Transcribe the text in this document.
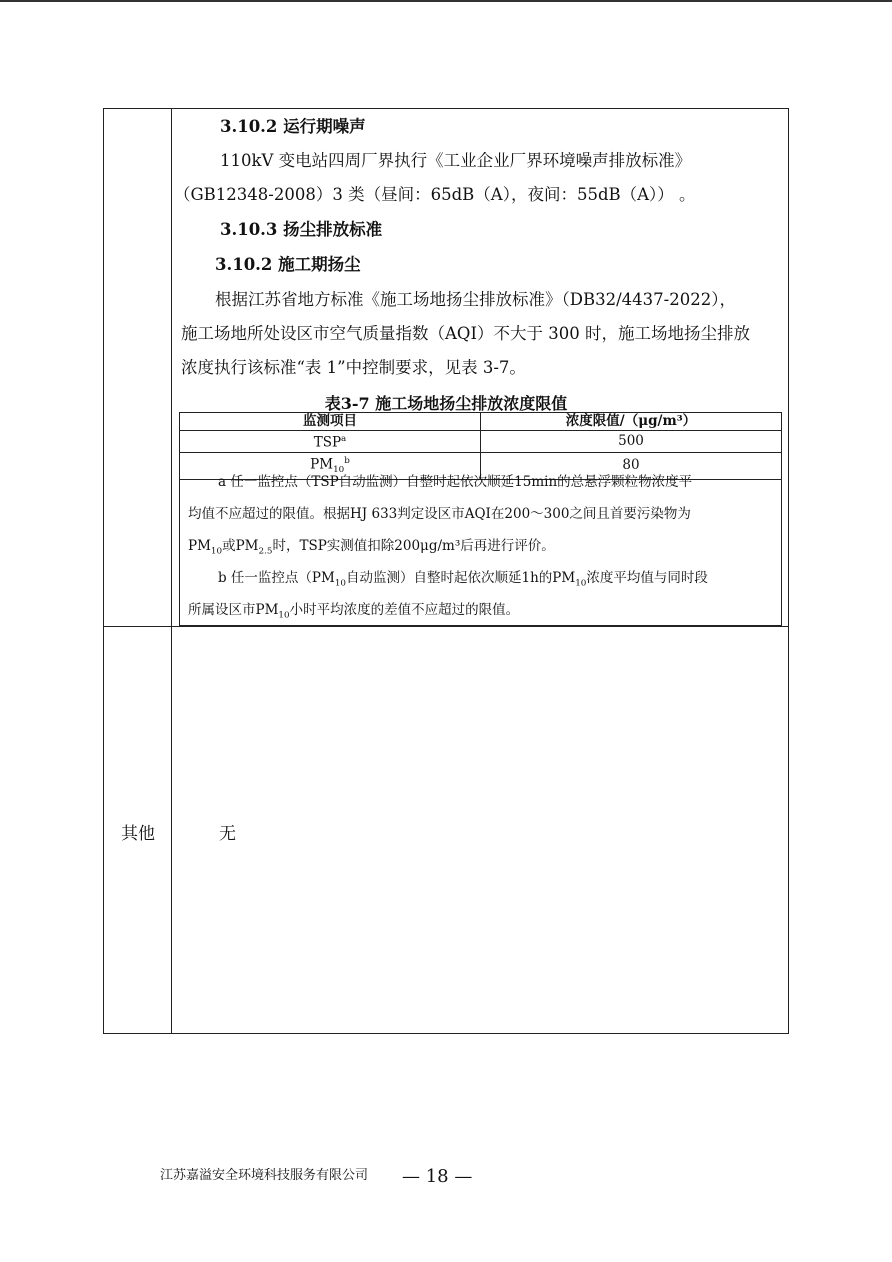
3.10.2 运行期噪声
110kV 变电站四周厂界执行《工业企业厂界环境噪声排放标准》
（GB12348-2008）3 类（昼间：65dB（A），夜间：55dB（A）） 。
3.10.3 扬尘排放标准
3.10.2 施工期扬尘
根据江苏省地方标准《施工场地扬尘排放标准》（DB32/4437-2022），
施工场地所处设区市空气质量指数（AQI）不大于 300 时，施工场地扬尘排放
浓度执行该标准“表 1”中控制要求，见表 3-7。
表3-7 施工场地扬尘排放浓度限值
监测项目	浓度限值/（μg/m³）
TSP$^a$	500
$PM_{10}^b$	80
a 任一监控点（TSP自动监测）自整时起依次顺延15min的总悬浮颗粒物浓度平
均值不应超过的限值。根据HJ 633判定设区市AQI在200～300之间且首要污染物为
$PM_{10}$或$PM_{2.5}$时，TSP实测值扣除200μg/m³后再进行评价。
b 任一监控点（$PM_{10}$自动监测）自整时起依次顺延1h的$PM_{10}$浓度平均值与同时段
所属设区市$PM_{10}$小时平均浓度的差值不应超过的限值。
其他	无
江苏嘉溢安全环境科技服务有限公司 — 18 —
